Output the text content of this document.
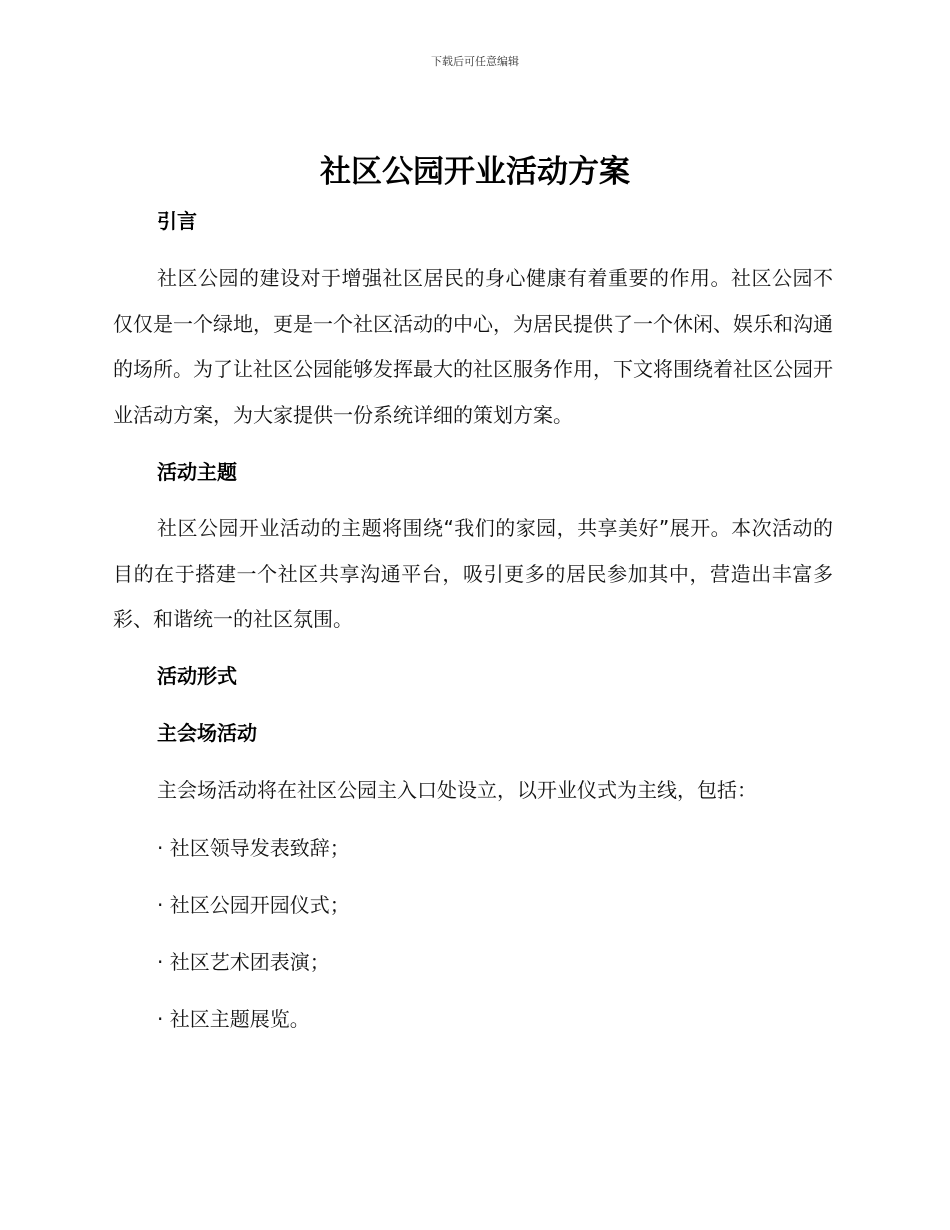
下载后可任意编辑
社区公园开业活动方案
引言

社区公园的建设对于增强社区居民的身心健康有着重要的作用。社区公园不仅仅是一个绿地，更是一个社区活动的中心，为居民提供了一个休闲、娱乐和沟通的场所。为了让社区公园能够发挥最大的社区服务作用，下文将围绕着社区公园开业活动方案，为大家提供一份系统详细的策划方案。

活动主题

社区公园开业活动的主题将围绕“我们的家园，共享美好”展开。本次活动的目的在于搭建一个社区共享沟通平台，吸引更多的居民参加其中，营造出丰富多彩、和谐统一的社区氛围。

活动形式
主会场活动
主会场活动将在社区公园主入口处设立，以开业仪式为主线，包括：
· 社区领导发表致辞；
· 社区公园开园仪式；
· 社区艺术团表演；
· 社区主题展览。
